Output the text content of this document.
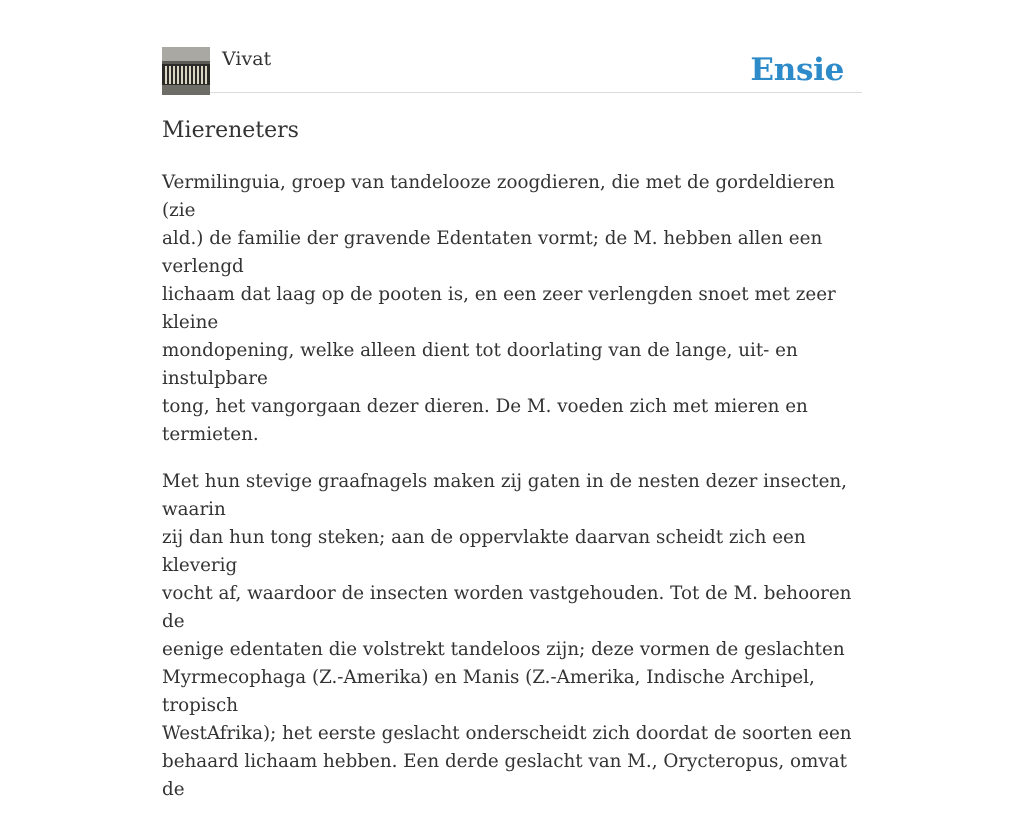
Vivat	Ensie
Miereneters

Vermilinguia, groep van tandelooze zoogdieren, die met de gordeldieren (zie
ald.) de familie der gravende Edentaten vormt; de M. hebben allen een verlengd
lichaam dat laag op de pooten is, en een zeer verlengden snoet met zeer kleine
mondopening, welke alleen dient tot doorlating van de lange, uit- en instulpbare
tong, het vangorgaan dezer dieren. De M. voeden zich met mieren en termieten.

Met hun stevige graafnagels maken zij gaten in de nesten dezer insecten, waarin
zij dan hun tong steken; aan de oppervlakte daarvan scheidt zich een kleverig
vocht af, waardoor de insecten worden vastgehouden. Tot de M. behooren de
eenige edentaten die volstrekt tandeloos zijn; deze vormen de geslachten
Myrmecophaga (Z.-Amerika) en Manis (Z.-Amerika, Indische Archipel, tropisch
WestAfrika); het eerste geslacht onderscheidt zich doordat de soorten een
behaard lichaam hebben. Een derde geslacht van M., Orycteropus, omvat de
